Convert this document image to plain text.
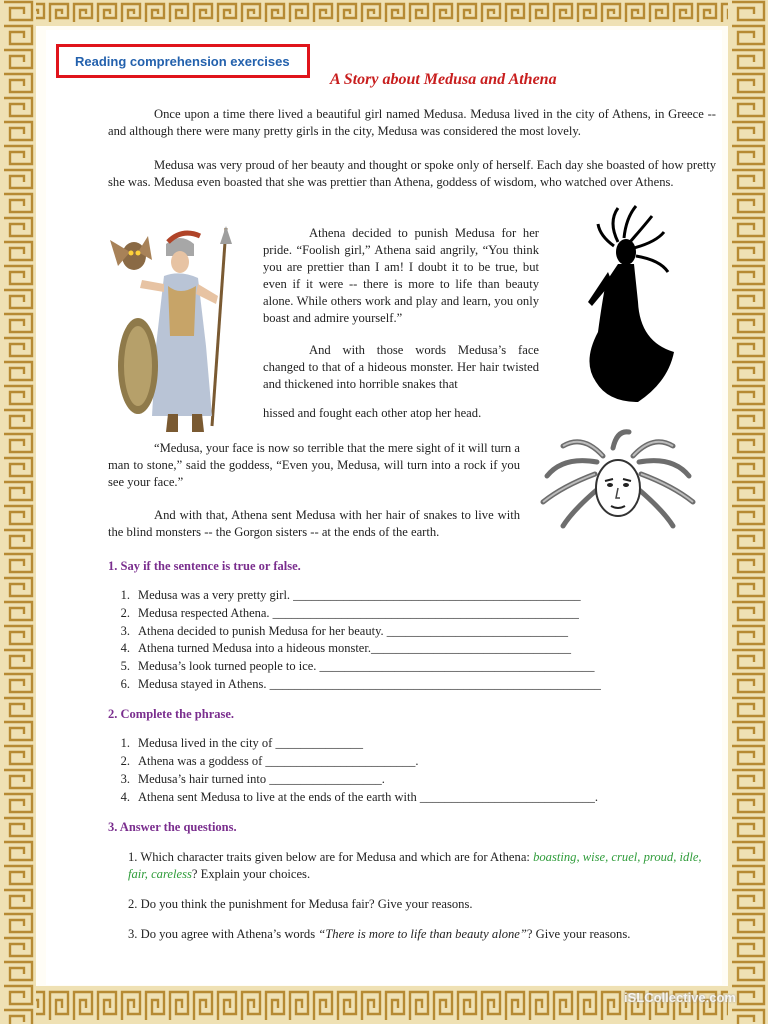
Reading comprehension exercises
A Story about Medusa and Athena

Once upon a time there lived a beautiful girl named Medusa. Medusa lived in the city of Athens, in Greece -- and although there were many pretty girls in the city, Medusa was considered the most lovely.

Medusa was very proud of her beauty and thought or spoke only of herself. Each day she boasted of how pretty she was. Medusa even boasted that she was prettier than Athena, goddess of wisdom, who watched over Athens.

Athena decided to punish Medusa for her pride. “Foolish girl,” Athena said angrily, “You think you are prettier than I am! I doubt it to be true, but even if it were -- there is more to life than beauty alone. While others work and play and learn, you only boast and admire yourself.”

And with those words Medusa’s face changed to that of a hideous monster. Her hair twisted and thickened into horrible snakes that

hissed and fought each other atop her head.

“Medusa, your face is now so terrible that the mere sight of it will turn a man to stone,” said the goddess, “Even you, Medusa, will turn into a rock if you see your face.”

And with that, Athena sent Medusa with her hair of snakes to live with the blind monsters -- the Gorgon sisters -- at the ends of the earth.

1. Say if the sentence is true or false.
1. Medusa was a very pretty girl. ______________________________________________
2. Medusa respected Athena. _________________________________________________
3. Athena decided to punish Medusa for her beauty. _____________________________
4. Athena turned Medusa into a hideous monster.________________________________
5. Medusa’s look turned people to ice. ____________________________________________
6. Medusa stayed in Athens. _____________________________________________________
2. Complete the phrase.
1. Medusa lived in the city of ______________
2. Athena was a goddess of ________________________.
3. Medusa’s hair turned into __________________.
4. Athena sent Medusa to live at the ends of the earth with ____________________________.
3. Answer the questions.

1. Which character traits given below are for Medusa and which are for Athena: boasting, wise, cruel, proud, idle, fair, careless? Explain your choices.

2. Do you think the punishment for Medusa fair? Give your reasons.

3. Do you agree with Athena’s words “There is more to life than beauty alone”? Give your reasons.

iSLCollective.com
